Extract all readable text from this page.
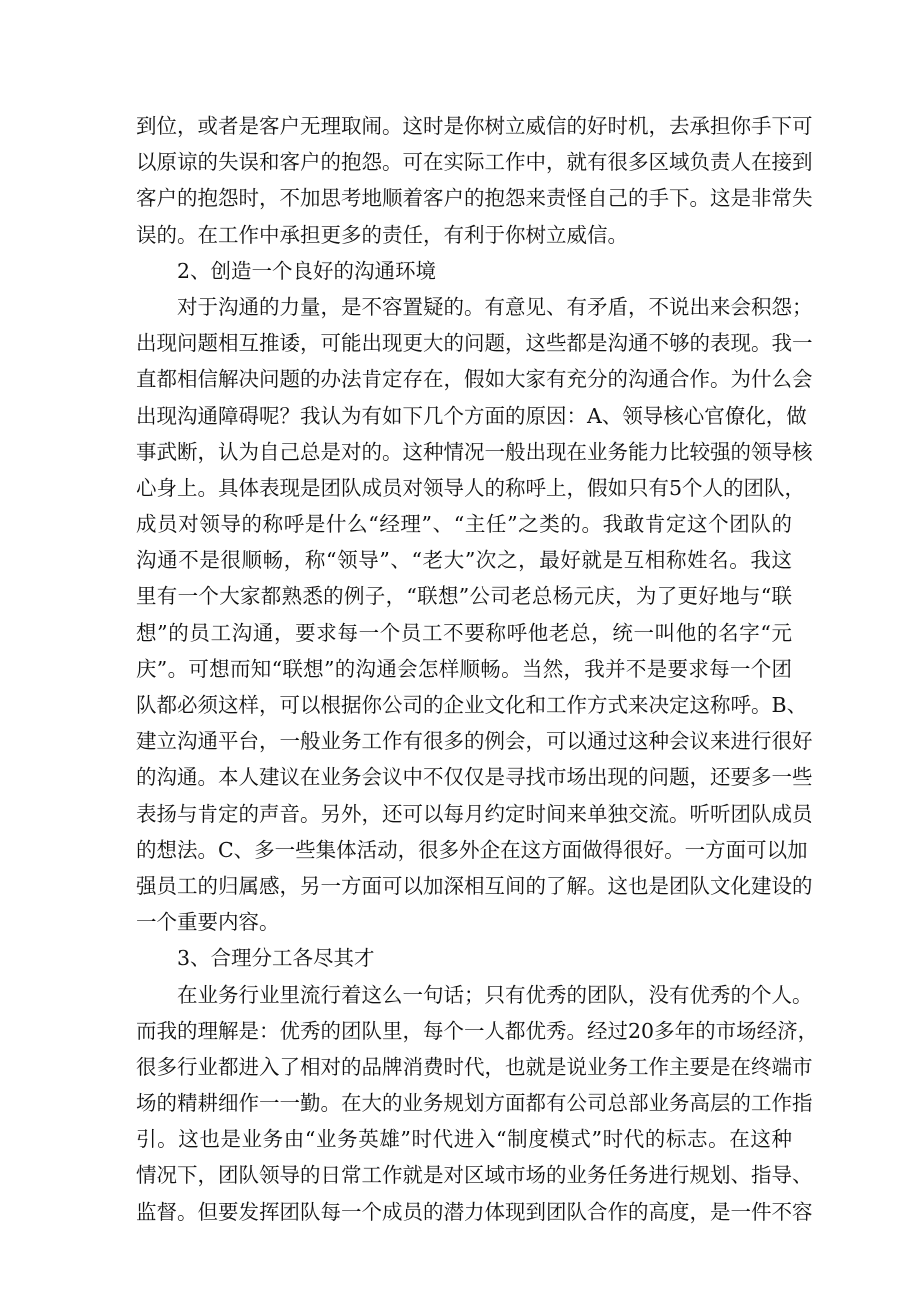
到位，或者是客户无理取闹。这时是你树立威信的好时机，去承担你手下可
以原谅的失误和客户的抱怨。可在实际工作中，就有很多区域负责人在接到
客户的抱怨时，不加思考地顺着客户的抱怨来责怪自己的手下。这是非常失
误的。在工作中承担更多的责任，有利于你树立威信。
2、创造一个良好的沟通环境
对于沟通的力量，是不容置疑的。有意见、有矛盾，不说出来会积怨；
出现问题相互推诿，可能出现更大的问题，这些都是沟通不够的表现。我一
直都相信解决问题的办法肯定存在，假如大家有充分的沟通合作。为什么会
出现沟通障碍呢？我认为有如下几个方面的原因：A、领导核心官僚化，做
事武断，认为自己总是对的。这种情况一般出现在业务能力比较强的领导核
心身上。具体表现是团队成员对领导人的称呼上，假如只有5个人的团队，
成员对领导的称呼是什么“经理”、“主任”之类的。我敢肯定这个团队的
沟通不是很顺畅，称“领导”、“老大”次之，最好就是互相称姓名。我这
里有一个大家都熟悉的例子，“联想”公司老总杨元庆，为了更好地与“联
想”的员工沟通，要求每一个员工不要称呼他老总，统一叫他的名字“元
庆”。可想而知“联想”的沟通会怎样顺畅。当然，我并不是要求每一个团
队都必须这样，可以根据你公司的企业文化和工作方式来决定这称呼。B、
建立沟通平台，一般业务工作有很多的例会，可以通过这种会议来进行很好
的沟通。本人建议在业务会议中不仅仅是寻找市场出现的问题，还要多一些
表扬与肯定的声音。另外，还可以每月约定时间来单独交流。听听团队成员
的想法。C、多一些集体活动，很多外企在这方面做得很好。一方面可以加
强员工的归属感，另一方面可以加深相互间的了解。这也是团队文化建设的
一个重要内容。
3、合理分工各尽其才
在业务行业里流行着这么一句话；只有优秀的团队，没有优秀的个人。
而我的理解是：优秀的团队里，每个一人都优秀。经过20多年的市场经济，
很多行业都进入了相对的品牌消费时代，也就是说业务工作主要是在终端市
场的精耕细作一一勤。在大的业务规划方面都有公司总部业务高层的工作指
引。这也是业务由“业务英雄”时代进入“制度模式”时代的标志。在这种
情况下，团队领导的日常工作就是对区域市场的业务任务进行规划、指导、
监督。但要发挥团队每一个成员的潜力体现到团队合作的高度，是一件不容
